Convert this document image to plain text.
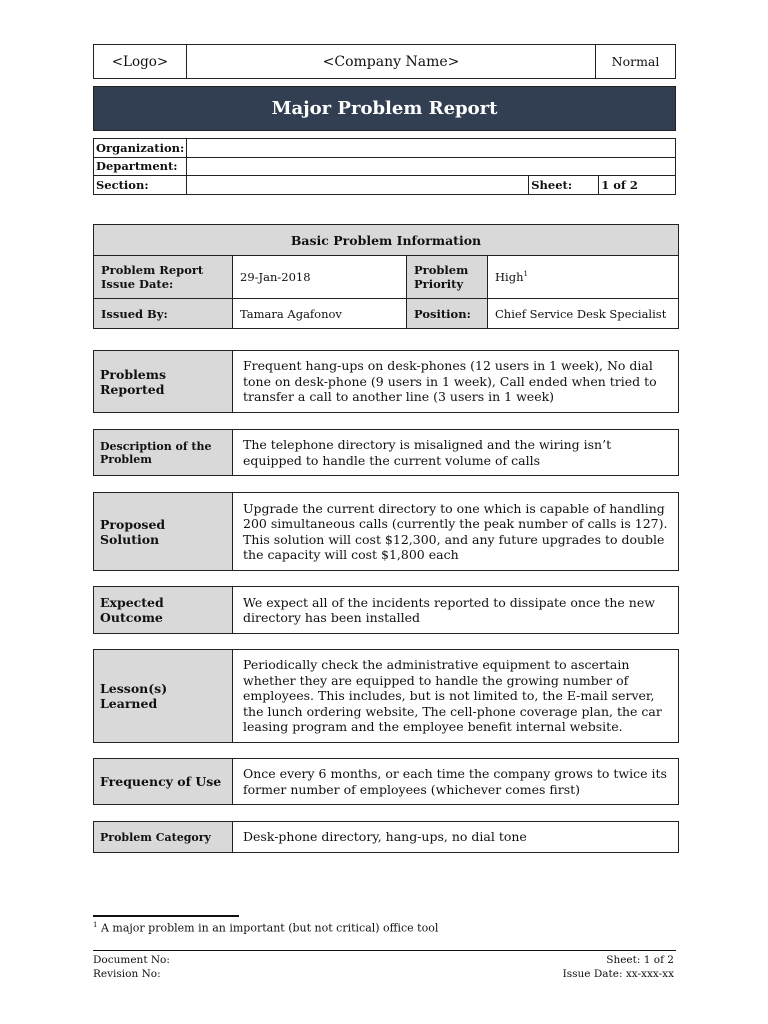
<Logo>	<Company Name>	Normal
Major Problem Report
Organization:			
Department:			
Section:		Sheet:	1 of 2
Basic Problem Information			
Problem Report Issue Date:	29-Jan-2018	Problem Priority	High$^1$
Issued By:	Tamara Agafonov	Position:	Chief Service Desk Specialist
Problems Reported	Frequent hang-ups on desk-phones (12 users in 1 week), No dial tone on desk-phone (9 users in 1 week), Call ended when tried to transfer a call to another line (3 users in 1 week)
Description of the Problem	The telephone directory is misaligned and the wiring isn’t equipped to handle the current volume of calls
Proposed Solution	Upgrade the current directory to one which is capable of handling 200 simultaneous calls (currently the peak number of calls is 127). This solution will cost $12,300, and any future upgrades to double the capacity will cost $1,800 each
Expected Outcome	We expect all of the incidents reported to dissipate once the new directory has been installed
Lesson(s) Learned	Periodically check the administrative equipment to ascertain whether they are equipped to handle the growing number of employees. This includes, but is not limited to, the E-mail server, the lunch ordering website, The cell-phone coverage plan, the car leasing program and the employee benefit internal website.
Frequency of Use	Once every 6 months, or each time the company grows to twice its former number of employees (whichever comes first)
Problem Category	Desk-phone directory, hang-ups, no dial tone
$^1$ A major problem in an important (but not critical) office tool
Document No:
Revision No:
Sheet: 1 of 2
Issue Date: xx-xxx-xx
